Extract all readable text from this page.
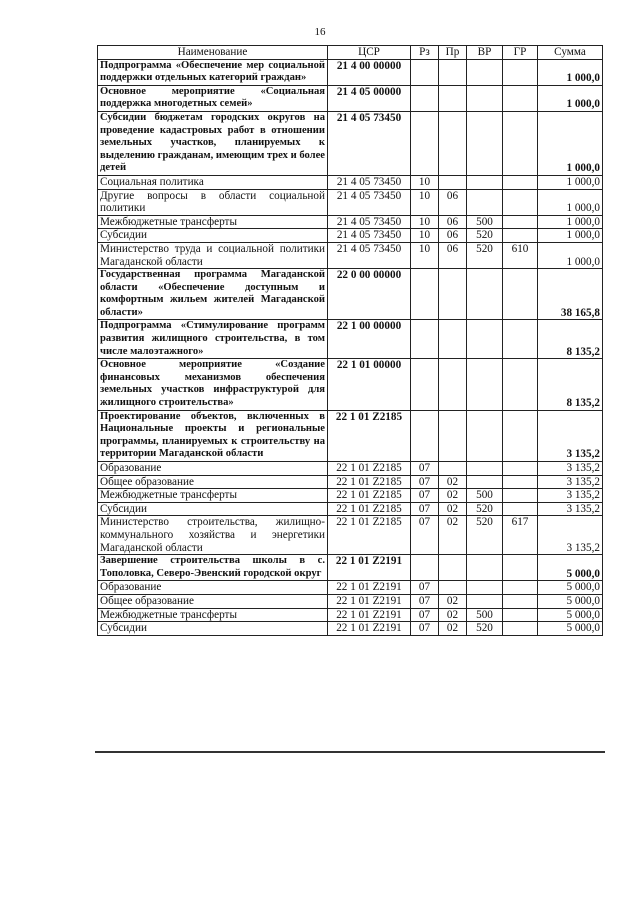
16
Наименование	ЦСР	Рз	Пр	ВР	ГР	Сумма
Подпрограмма «Обеспечение мер социальной поддержки отдельных категорий граждан»	21 4 00 00000					1 000,0
Основное мероприятие «Социальная поддержка многодетных семей»	21 4 05 00000					1 000,0
Субсидии бюджетам городских округов на проведение кадастровых работ в отношении земельных участков, планируемых к выделению гражданам, имеющим трех и более детей	21 4 05 73450					1 000,0
Социальная политика	21 4 05 73450	10				1 000,0
Другие вопросы в области социальной политики	21 4 05 73450	10	06			1 000,0
Межбюджетные трансферты	21 4 05 73450	10	06	500		1 000,0
Субсидии	21 4 05 73450	10	06	520		1 000,0
Министерство труда и социальной политики Магаданской области	21 4 05 73450	10	06	520	610	1 000,0
Государственная программа Магаданской области «Обеспечение доступным и комфортным жильем жителей Магаданской области»	22 0 00 00000					38 165,8
Подпрограмма «Стимулирование программ развития жилищного строительства, в том числе малоэтажного»	22 1 00 00000					8 135,2
Основное мероприятие «Создание финансовых механизмов обеспечения земельных участков инфраструктурой для жилищного строительства»	22 1 01 00000					8 135,2
Проектирование объектов, включенных в Национальные проекты и региональные программы, планируемых к строительству на территории Магаданской области	22 1 01 Z2185					3 135,2
Образование	22 1 01 Z2185	07				3 135,2
Общее образование	22 1 01 Z2185	07	02			3 135,2
Межбюджетные трансферты	22 1 01 Z2185	07	02	500		3 135,2
Субсидии	22 1 01 Z2185	07	02	520		3 135,2
Министерство строительства, жилищно-коммунального хозяйства и энергетики Магаданской области	22 1 01 Z2185	07	02	520	617	3 135,2
Завершение строительства школы в с. Тополовка, Северо-Эвенский городской округ	22 1 01 Z2191					5 000,0
Образование	22 1 01 Z2191	07				5 000,0
Общее образование	22 1 01 Z2191	07	02			5 000,0
Межбюджетные трансферты	22 1 01 Z2191	07	02	500		5 000,0
Субсидии	22 1 01 Z2191	07	02	520		5 000,0
